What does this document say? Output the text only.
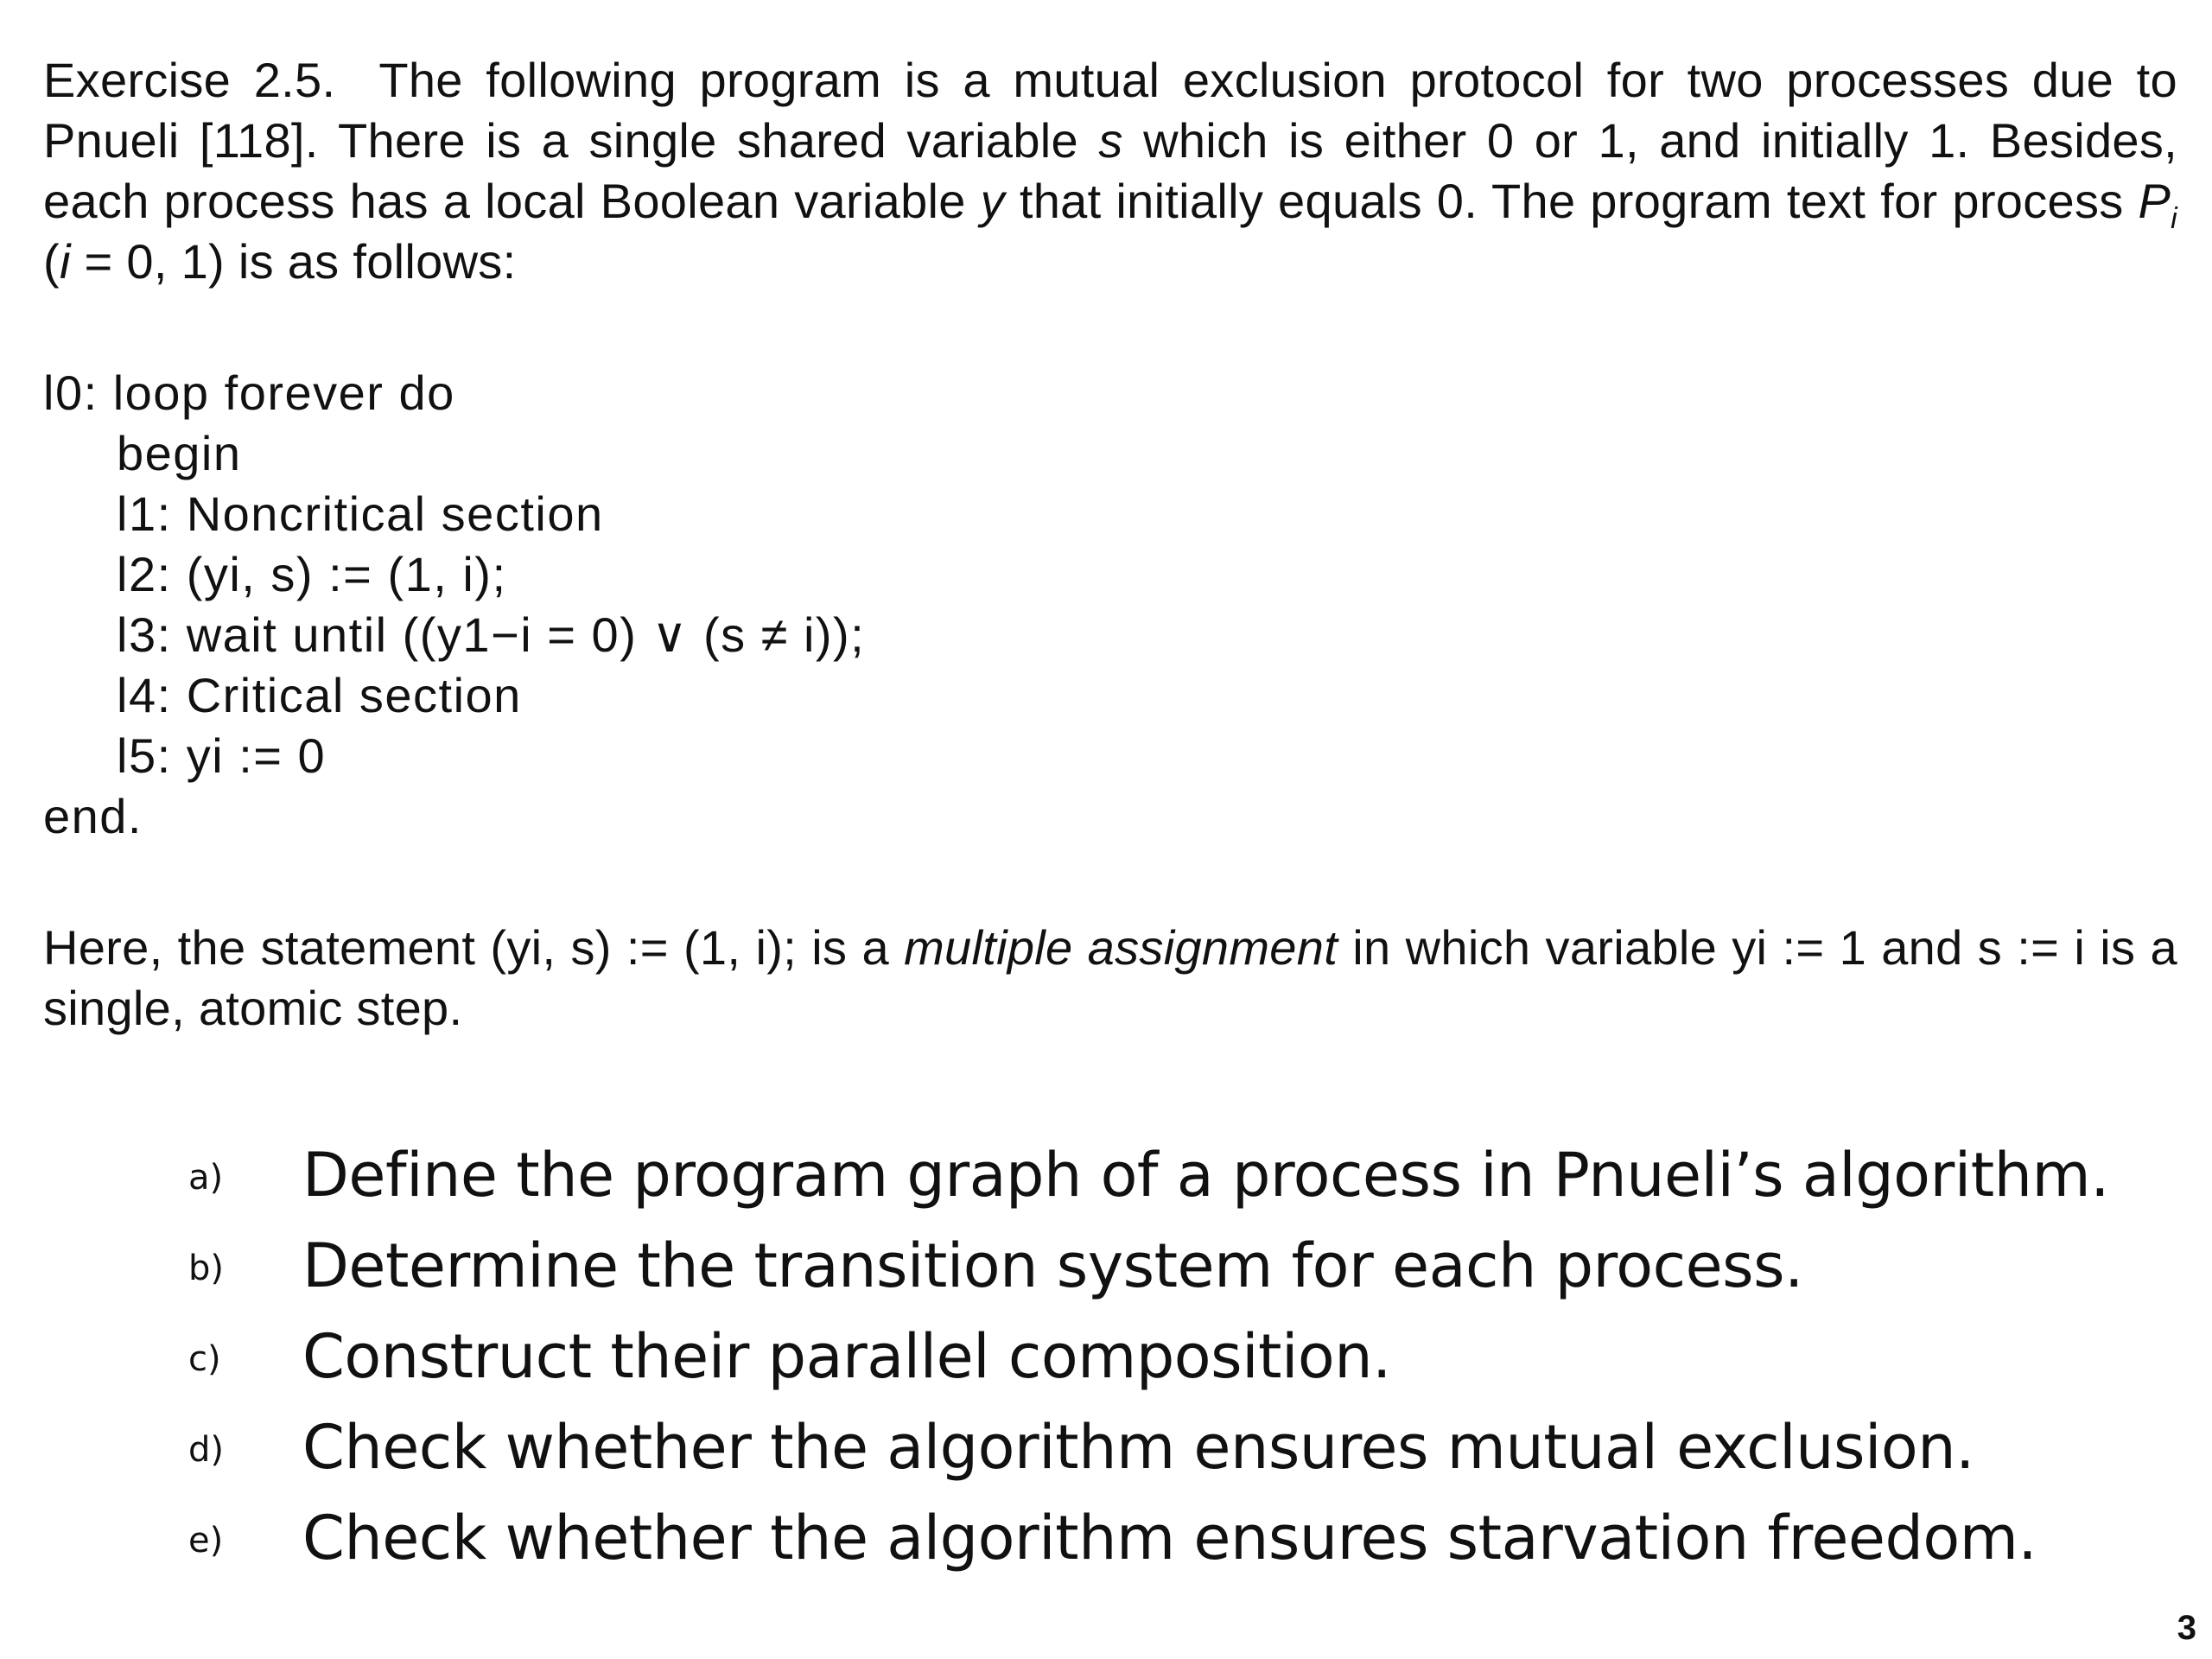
Exercise 2.5. The following program is a mutual exclusion protocol for two processes due to Pnueli [118]. There is a single shared variable s which is either 0 or 1, and initially 1. Besides, each process has a local Boolean variable y that initially equals 0. The program text for process $P_i$ (i = 0, 1) is as follows:
l0: loop forever do
begin
l1: Noncritical section
l2: (yi, s) := (1, i);
l3: wait until ((y1−i = 0) ∨ (s ≠ i));
l4: Critical section
l5: yi := 0
end.
Here, the statement (yi, s) := (1, i); is a multiple assignment in which variable yi := 1 and s := i is a single, atomic step.
a) Define the program graph of a process in Pnueli’s algorithm.
b) Determine the transition system for each process.
c) Construct their parallel composition.
d) Check whether the algorithm ensures mutual exclusion.
e) Check whether the algorithm ensures starvation freedom.
3
